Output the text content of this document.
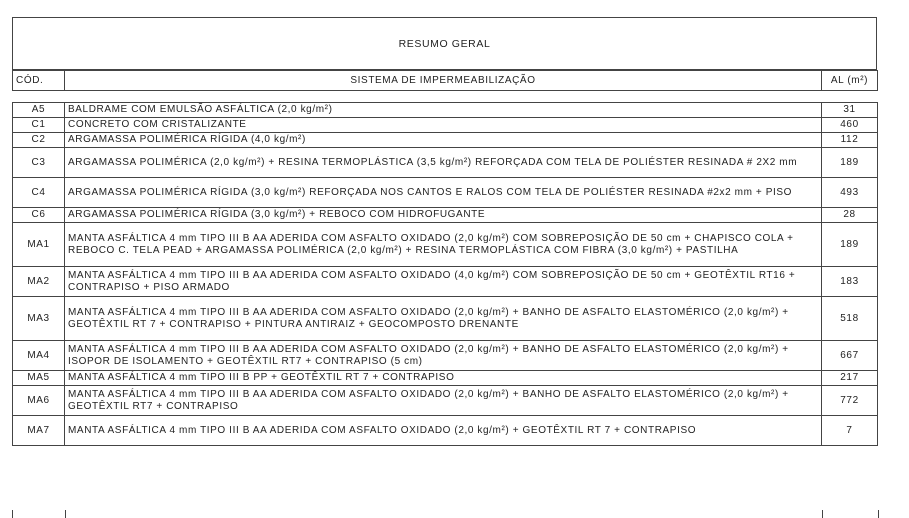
RESUMO GERAL
CÓD.	SISTEMA DE IMPERMEABILIZAÇÃO	AL (m²)
A5	BALDRAME COM EMULSÃO ASFÁLTICA (2,0 kg/m²)	31
C1	CONCRETO COM CRISTALIZANTE	460
C2	ARGAMASSA POLIMÉRICA RÍGIDA (4,0 kg/m²)	112
C3	ARGAMASSA POLIMÉRICA (2,0 kg/m²) + RESINA TERMOPLÁSTICA (3,5 kg/m²) REFORÇADA COM TELA DE POLIÉSTER RESINADA # 2X2 mm	189
C4	ARGAMASSA POLIMÉRICA RÍGIDA (3,0 kg/m²) REFORÇADA NOS CANTOS E RALOS COM TELA DE POLIÉSTER RESINADA #2x2 mm + PISO	493
C6	ARGAMASSA POLIMÉRICA RÍGIDA (3,0 kg/m²) + REBOCO COM HIDROFUGANTE	28
MA1	MANTA ASFÁLTICA 4 mm TIPO III B AA ADERIDA COM ASFALTO OXIDADO (2,0 kg/m²) COM SOBREPOSIÇÃO DE 50 cm + CHAPISCO COLA + REBOCO C. TELA PEAD + ARGAMASSA POLIMÉRICA (2,0 kg/m²) + RESINA TERMOPLÁSTICA COM FIBRA (3,0 kg/m²) + PASTILHA	189
MA2	MANTA ASFÁLTICA 4 mm TIPO III B AA ADERIDA COM ASFALTO OXIDADO (4,0 kg/m²) COM SOBREPOSIÇÃO DE 50 cm + GEOTÊXTIL RT16 + CONTRAPISO + PISO ARMADO	183
MA3	MANTA ASFÁLTICA 4 mm TIPO III B AA ADERIDA COM ASFALTO OXIDADO (2,0 kg/m²) + BANHO DE ASFALTO ELASTOMÉRICO (2,0 kg/m²) + GEOTÊXTIL RT 7 + CONTRAPISO + PINTURA ANTIRAIZ + GEOCOMPOSTO DRENANTE	518
MA4	MANTA ASFÁLTICA 4 mm TIPO III B AA ADERIDA COM ASFALTO OXIDADO (2,0 kg/m²) + BANHO DE ASFALTO ELASTOMÉRICO (2,0 kg/m²) + ISOPOR DE ISOLAMENTO + GEOTÊXTIL RT7 + CONTRAPISO (5 cm)	667
MA5	MANTA ASFÁLTICA 4 mm TIPO III B PP + GEOTÊXTIL RT 7 + CONTRAPISO	217
MA6	MANTA ASFÁLTICA 4 mm TIPO III B AA ADERIDA COM ASFALTO OXIDADO (2,0 kg/m²) + BANHO DE ASFALTO ELASTOMÉRICO (2,0 kg/m²) + GEOTÊXTIL RT7 + CONTRAPISO	772
MA7	MANTA ASFÁLTICA 4 mm TIPO III B AA ADERIDA COM ASFALTO OXIDADO (2,0 kg/m²) + GEOTÊXTIL RT 7 + CONTRAPISO	7
